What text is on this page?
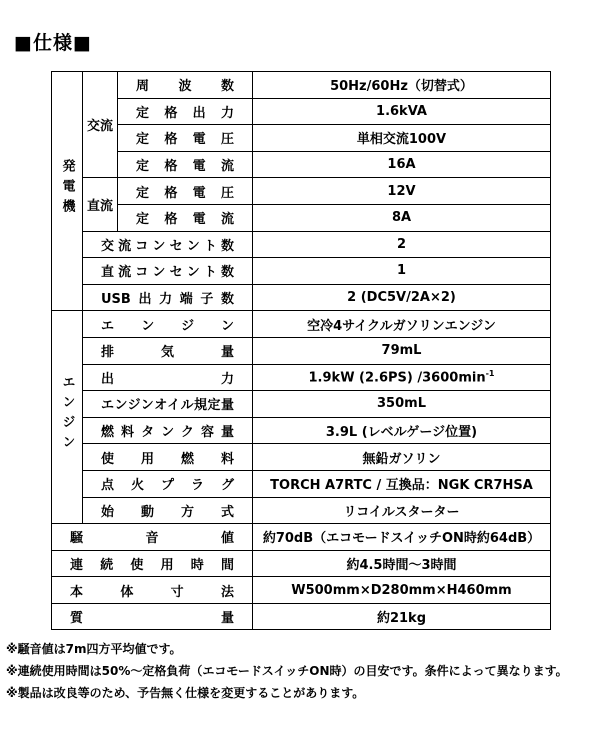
■仕様■
発電機	交流	周波数	50Hz/60Hz（切替式）
		定格出力	1.6kVA
		定格電圧	単相交流100V
		定格電流	16A
	直流	定格電圧	12V
		定格電流	8A
	交流コンセント数		2
	直流コンセント数		1
	USB出力端子数		2 (DC5V/2A×2)
エンジン	エンジン		空冷4サイクルガソリンエンジン
	排気量		79mL
	出力		1.9kW (2.6PS) $/3600\min^{-1}$
	エンジンオイル規定量		350mL
	燃料タンク容量		3.9L (レベルゲージ位置)
	使用燃料		無鉛ガソリン
	点火プラグ		TORCH A7RTC / 互換品：NGK CR7HSA
	始動方式		リコイルスターター
騒音値			約70dB（エコモードスイッチON時約64dB）
連続使用時間			約4.5時間〜3時間
本体寸法			W500mm×D280mm×H460mm
質量			約21kg
※騒音値は7m四方平均値です。
※連続使用時間は50%〜定格負荷（エコモードスイッチON時）の目安です。条件によって異なります。
※製品は改良等のため、予告無く仕様を変更することがあります。
